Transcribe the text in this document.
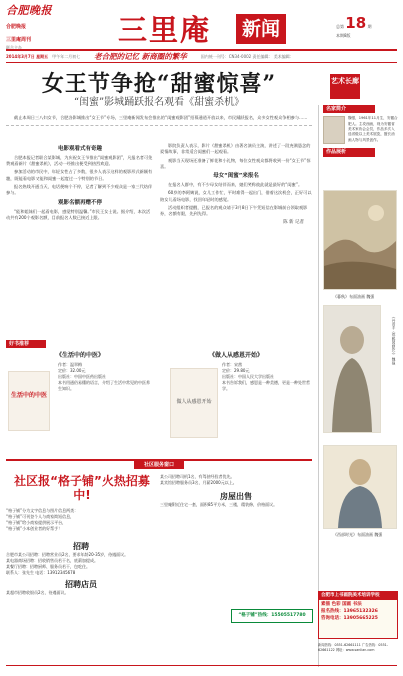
合肥晚报
合肥晚报
三里庵周刊
联合主办
三里庵	新闻	总第 18 期
本期8版
2014年3月7日 星期五	甲午年二月初七	老合肥的记忆 新商圈的繁华	国内统一刊号：CN34-0002 责任编辑： 美术编辑：
女王节争抢“甜蜜惊喜”
“闺蜜”影城踊跃报名观看《甜蜜杀机》
截止本周日三八妇女节，合肥各影城推出“女王节”专场，三里庵新闻发布会推出的“闺蜜观影团”招募通道开放以来，市民踊跃报名，众多女性观众争相参与……
电影观看式有奇趣

合肥本报记者联合某影城，为庆祝女王节推出“闺蜜观影团”，凡报名者可免费观看新片《甜蜜杀机》，活动一经推出便受到热烈欢迎。

参加活动的市民中，年轻女性占了多数，很多人表示这样的观影形式新颖有趣，既能看电影又能和闺蜜一起度过一个特别的节日。

报名热线开通当天，电话便响个不停，记者了解到不少观众是一家三代结伴参与。

观影名额再赠不停

“能和姐妹们一起看电影，感觉特别温馨。”市民王女士说。据介绍，本次活动共有200个观影名额，目前报名人数已接近上限。

影院负责人表示，影片《甜蜜杀机》由著名演员主演，讲述了一段充满悬念的爱情故事，非常适合闺蜜们一起观看。

观影当天现场还准备了鲜花和小礼物，每位女性观众都将收到一份“女王节”惊喜。

母女“闺蜜”来报名

在报名人群中，有不少母女结伴而来，她们笑称彼此就是最好的“闺蜜”。

60岁的李阿姨说，女儿工作忙，平时难得一起出门，借着这次机会，正好可以陪女儿看场电影，找回年轻时的感觉。

活动组织者提醒，已报名的观众请于3月8日下午凭短信在影城前台领取观影券，名额有限，先到先得。

陈 新 记者
好书推荐
《生活中的中医》
生活中的中医
作者：温翠梅
定价：32.00元
出版社：中国中医药出版社
本书用通俗易懂的语言，介绍了生活中常见的中医养生知识。
《做人从感恩开始》
做人从感恩开始
作者：宋茜
定价：29.80元
出版社：中国人民大学出版社
本书告诉我们，感恩是一种美德，更是一种处世哲学。
社区服务窗口
社区报“格子铺”火热招募中!
“格子铺”分为文字信息与图片信息两类：
“格子铺”可刊登个人与商家简短信息，
“格子铺”给小商家提供展示平台，
“格子铺”小本创业者的好帮手！
招聘
合肥市某公司招聘：招聘营业员2名，要求年龄20-35岁，待遇面议。
某电器商场招聘：招收销售员若干名，底薪加提成。
某餐厅招聘：招聘厨师、服务员若干，包吃住。
联系人：张先生 电话：13912345678
招聘店员
某超市招聘收银员2名，待遇面议。
某公司招聘司机1名，有驾驶经验者优先。
某宾馆招聘服务员3名，月薪2000元以上。
房屋出售
三里庵附近住宅一套，面积85平方米，三楼，精装修，价格面议。
“格子铺”热线：15505517780
艺术长廊
名家简介
魏强，1961年11月生，安徽合肥人。主攻西画，现为安徽省美术家协会会员，作品多次入选省级以上美术展览，擅长油画人物与风景创作。
作品展析
《暮秋》布面油画 魏强
《丹青手（郑鹤园画作）》 魏强
《西部时光》布面油画 魏强
合肥市上书画院美术培训学校
素描 色彩 国画 书法
报名热线：13965132326
咨询电话：13905665225
新闻热线：0551-62661111 广告热线：0551-62661122 网址：www.sanlian.com
